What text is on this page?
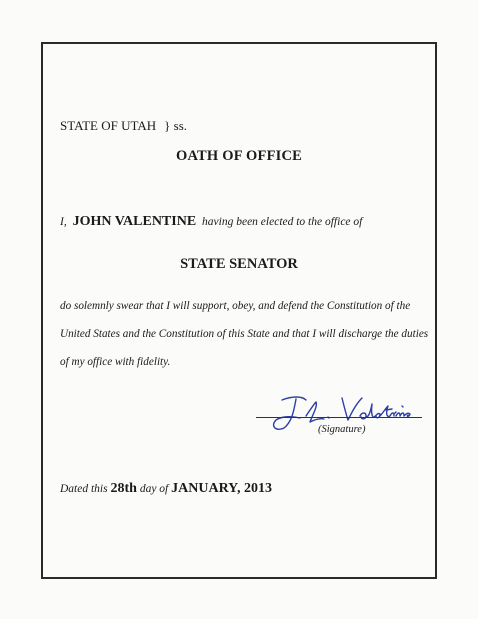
STATE OF UTAH } ss.
OATH OF OFFICE
I, JOHN VALENTINE having been elected to the office of
STATE SENATOR
do solemnly swear that I will support, obey, and defend the Constitution of the
United States and the Constitution of this State and that I will discharge the duties
of my office with fidelity.
(Signature)
Dated this 28th day of JANUARY, 2013
